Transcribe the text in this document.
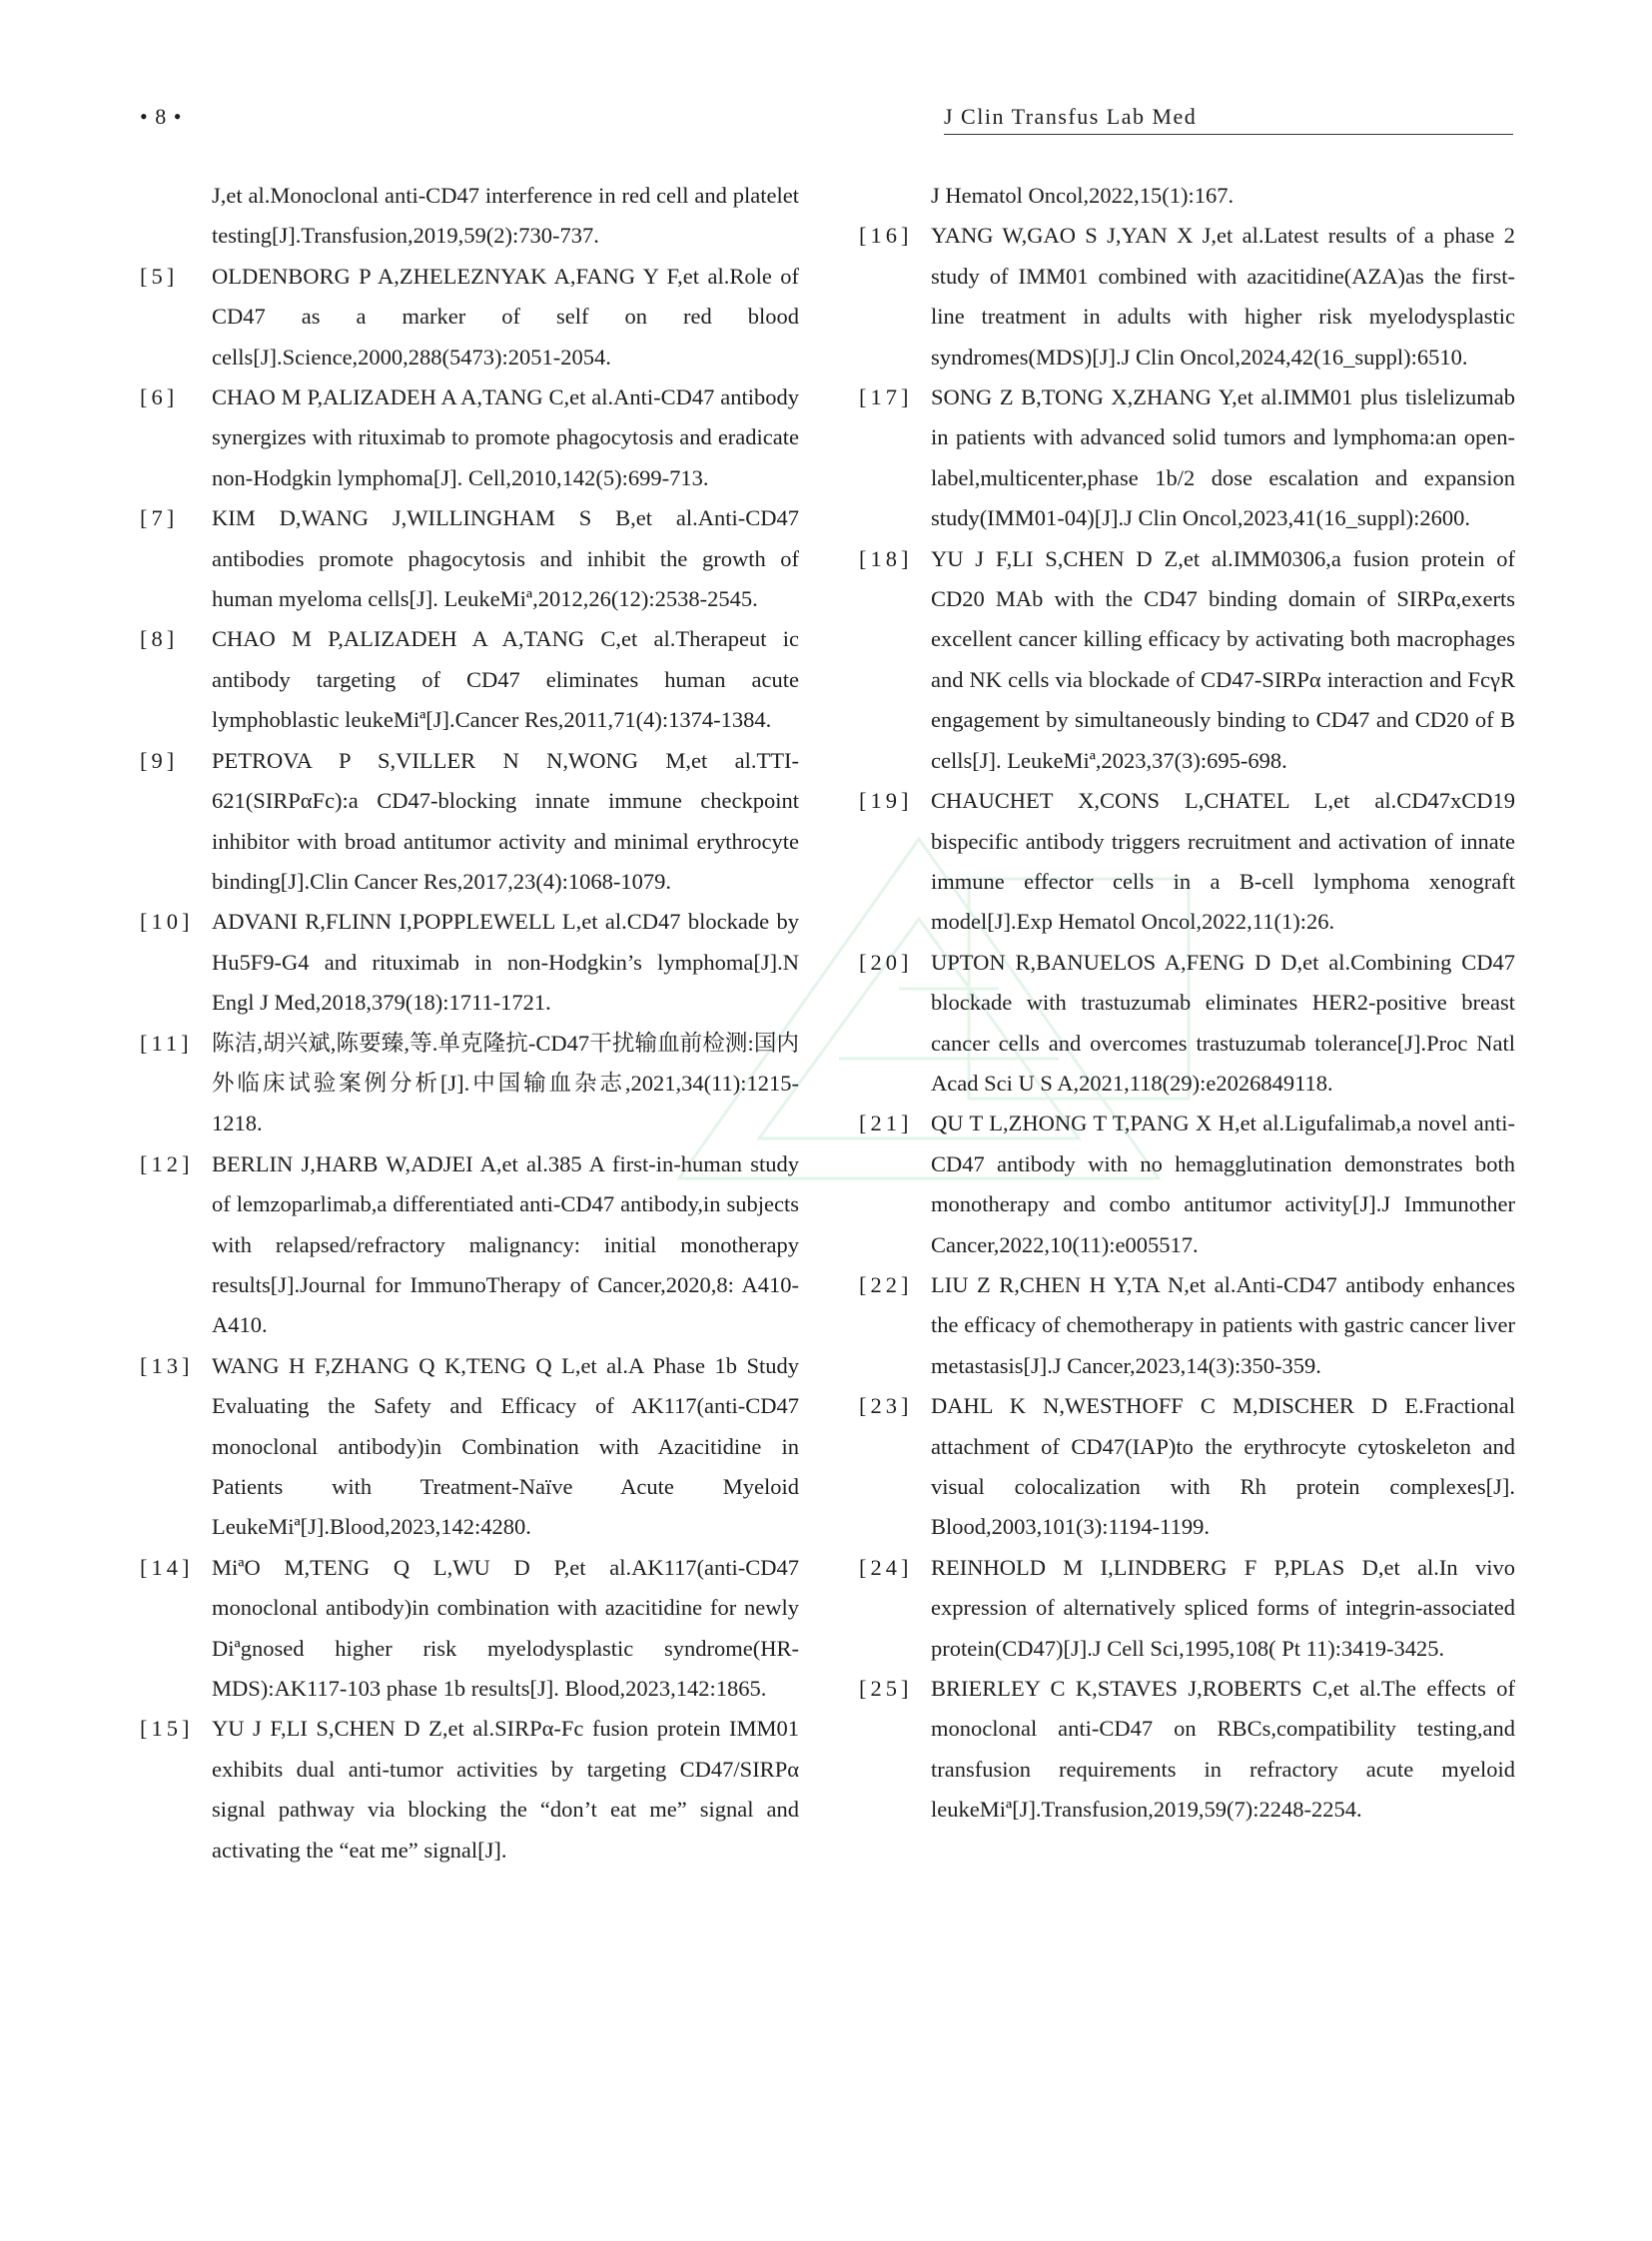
• 8 •	J Clin Transfus Lab Med
J,et al.Monoclonal anti-CD47 interference in red cell and platelet testing[J].Transfusion,2019,59(2):730-737.
[5] OLDENBORG P A,ZHELEZNYAK A,FANG Y F,et al.Role of CD47 as a marker of self on red blood cells[J].Science,2000,288(5473):2051-2054.
[6] CHAO M P,ALIZADEH A A,TANG C,et al.Anti-CD47 antibody synergizes with rituximab to promote phagocytosis and eradicate non-Hodgkin lymphoma[J]. Cell,2010,142(5):699-713.
[7] KIM D,WANG J,WILLINGHAM S B,et al.Anti-CD47 antibodies promote phagocytosis and inhibit the growth of human myeloma cells[J]. LeukeMiª,2012,26(12):2538-2545.
[8] CHAO M P,ALIZADEH A A,TANG C,et al.Therapeut ic antibody targeting of CD47 eliminates human acute lymphoblastic leukeMiª[J].Cancer Res,2011,71(4):1374-1384.
[9] PETROVA P S,VILLER N N,WONG M,et al.TTI-621(SIRPαFc):a CD47-blocking innate immune checkpoint inhibitor with broad antitumor activity and minimal erythrocyte binding[J].Clin Cancer Res,2017,23(4):1068-1079.
[10] ADVANI R,FLINN I,POPPLEWELL L,et al.CD47 blockade by Hu5F9-G4 and rituximab in non-Hodgkin’s lymphoma[J].N Engl J Med,2018,379(18):1711-1721.
[11] 陈洁,胡兴斌,陈要臻,等.单克隆抗-CD47干扰输血前检测:国内外临床试验案例分析[J].中国输血杂志,2021,34(11):1215-1218.
[12] BERLIN J,HARB W,ADJEI A,et al.385 A first-in-human study of lemzoparlimab,a differentiated anti-CD47 antibody,in subjects with relapsed/refractory malignancy: initial monotherapy results[J].Journal for ImmunoTherapy of Cancer,2020,8: A410-A410.
[13] WANG H F,ZHANG Q K,TENG Q L,et al.A Phase 1b Study Evaluating the Safety and Efficacy of AK117(anti-CD47 monoclonal antibody)in Combination with Azacitidine in Patients with Treatment-Naïve Acute Myeloid LeukeMiª[J].Blood,2023,142:4280.
[14] MiªO M,TENG Q L,WU D P,et al.AK117(anti-CD47 monoclonal antibody)in combination with azacitidine for newly Diªgnosed higher risk myelodysplastic syndrome(HR-MDS):AK117-103 phase 1b results[J]. Blood,2023,142:1865.
[15] YU J F,LI S,CHEN D Z,et al.SIRPα-Fc fusion protein IMM01 exhibits dual anti-tumor activities by targeting CD47/SIRPα signal pathway via blocking the “don’t eat me” signal and activating the “eat me” signal[J].
J Hematol Oncol,2022,15(1):167.
[16] YANG W,GAO S J,YAN X J,et al.Latest results of a phase 2 study of IMM01 combined with azacitidine(AZA)as the first-line treatment in adults with higher risk myelodysplastic syndromes(MDS)[J].J Clin Oncol,2024,42(16_suppl):6510.
[17] SONG Z B,TONG X,ZHANG Y,et al.IMM01 plus tislelizumab in patients with advanced solid tumors and lymphoma:an open-label,multicenter,phase 1b/2 dose escalation and expansion study(IMM01-04)[J].J Clin Oncol,2023,41(16_suppl):2600.
[18] YU J F,LI S,CHEN D Z,et al.IMM0306,a fusion protein of CD20 MAb with the CD47 binding domain of SIRPα,exerts excellent cancer killing efficacy by activating both macrophages and NK cells via blockade of CD47-SIRPα interaction and FcγR engagement by simultaneously binding to CD47 and CD20 of B cells[J]. LeukeMiª,2023,37(3):695-698.
[19] CHAUCHET X,CONS L,CHATEL L,et al.CD47xCD19 bispecific antibody triggers recruitment and activation of innate immune effector cells in a B-cell lymphoma xenograft model[J].Exp Hematol Oncol,2022,11(1):26.
[20] UPTON R,BANUELOS A,FENG D D,et al.Combining CD47 blockade with trastuzumab eliminates HER2-positive breast cancer cells and overcomes trastuzumab tolerance[J].Proc Natl Acad Sci U S A,2021,118(29):e2026849118.
[21] QU T L,ZHONG T T,PANG X H,et al.Ligufalimab,a novel anti-CD47 antibody with no hemagglutination demonstrates both monotherapy and combo antitumor activity[J].J Immunother Cancer,2022,10(11):e005517.
[22] LIU Z R,CHEN H Y,TA N,et al.Anti-CD47 antibody enhances the efficacy of chemotherapy in patients with gastric cancer liver metastasis[J].J Cancer,2023,14(3):350-359.
[23] DAHL K N,WESTHOFF C M,DISCHER D E.Fractional attachment of CD47(IAP)to the erythrocyte cytoskeleton and visual colocalization with Rh protein complexes[J]. Blood,2003,101(3):1194-1199.
[24] REINHOLD M I,LINDBERG F P,PLAS D,et al.In vivo expression of alternatively spliced forms of integrin-associated protein(CD47)[J].J Cell Sci,1995,108( Pt 11):3419-3425.
[25] BRIERLEY C K,STAVES J,ROBERTS C,et al.The effects of monoclonal anti-CD47 on RBCs,compatibility testing,and transfusion requirements in refractory acute myeloid leukeMiª[J].Transfusion,2019,59(7):2248-2254.
